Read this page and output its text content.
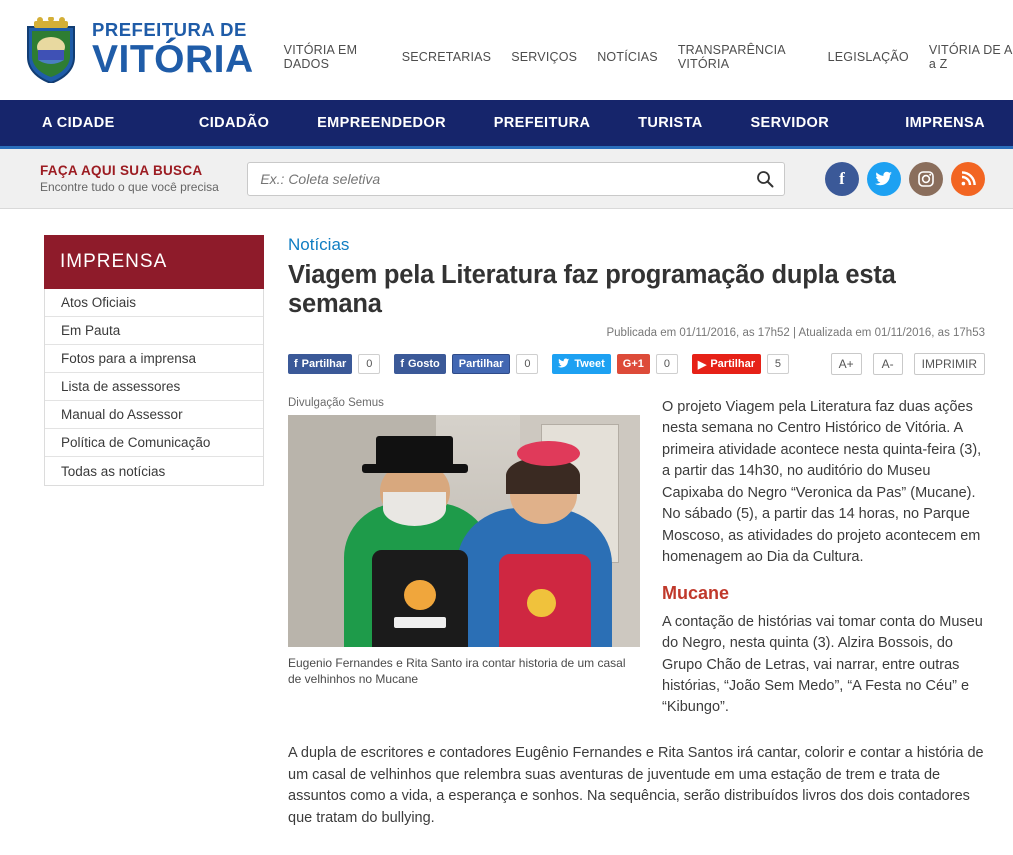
PREFEITURA DE
VITÓRIA VITÓRIA EM DADOS	SECRETARIAS SERVIÇOS NOTÍCIAS TRANSPARÊNCIA VITÓRIA	LEGISLAÇÃO VITÓRIA DE A a Z
A CIDADE	CIDADÃO	EMPREENDEDOR	PREFEITURA	TURISTA	SERVIDOR	IMPRENSA
FAÇA AQUI SUA BUSCA
Encontre tudo o que você precisa
Ex.: Coleta seletiva	f
IMPRENSA
Atos Oficiais
Em Pauta
Fotos para a imprensa
Lista de assessores
Manual do Assessor
Política de Comunicação
Todas as notícias
Notícias
Viagem pela Literatura faz programação dupla esta semana
Publicada em 01/11/2016, as 17h52 | Atualizada em 01/11/2016, as 17h53
f Partilhar	0	f Gosto Partilhar	0	Tweet G+1	0	▶ Partilhar	5	A+	A-	IMPRIMIR
Divulgação Semus
Eugenio Fernandes e Rita Santo ira contar historia de um casal de velhinhos no Mucane

O projeto Viagem pela Literatura faz duas ações nesta semana no Centro Histórico de Vitória. A primeira atividade acontece nesta quinta-feira (3), a partir das 14h30, no auditório do Museu Capixaba do Negro “Veronica da Pas” (Mucane). No sábado (5), a partir das 14 horas, no Parque Moscoso, as atividades do projeto acontecem em homenagem ao Dia da Cultura.

Mucane

A contação de histórias vai tomar conta do Museu do Negro, nesta quinta (3). Alzira Bossois, do Grupo Chão de Letras, vai narrar, entre outras histórias, “João Sem Medo”, “A Festa no Céu” e “Kibungo”.

A dupla de escritores e contadores Eugênio Fernandes e Rita Santos irá cantar, colorir e contar a história de um casal de velhinhos que relembra suas aventuras de juventude em uma estação de trem e trata de assuntos como a vida, a esperança e sonhos. Na sequência, serão distribuídos livros dos dois contadores que tratam do bullying.
